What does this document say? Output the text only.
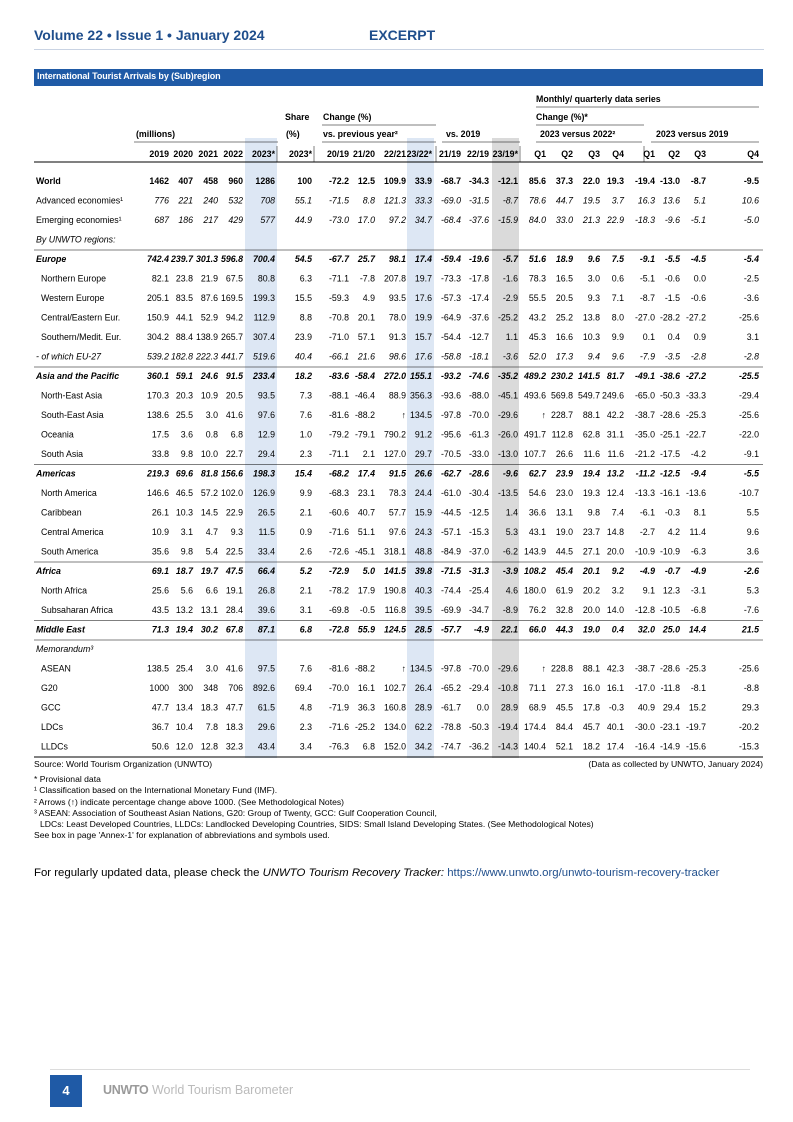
Volume 22 • Issue 1 • January 2024	EXCERPT
International Tourist Arrivals by (Sub)region
Monthly/ quarterly data series
Share Change (%)	Change (%)*
(millions)	(%)	vs. previous year²	vs. 2019	2023 versus 2022²	2023 versus 2019
2019 2020 2021 2022 2023* 2023* 20/19 21/20 22/21 23/22* 21/19 22/19 23/19* Q1 Q2 Q3 Q4 Q1 Q2 Q3	Q4
World	1462 407 458 960 1286	100 -72.2 12.5 109.9 33.9 -68.7 -34.3 -12.1 85.6 37.3 22.0 19.3 -19.4 -13.0 -8.7	-9.5
Advanced economies¹	776 221 240 532 708 55.1 -71.5 8.8 121.3 33.3 -69.0 -31.5 -8.7 78.6 44.7 19.5 3.7 16.3 13.6 5.1	10.6
Emerging economies¹	687 186 217 429 577 44.9 -73.0 17.0 97.2 34.7 -68.4 -37.6 -15.9 84.0 33.0 21.3 22.9 -18.3 -9.6 -5.1	-5.0
By UNWTO regions:
Europe	742.4 239.7 301.3 596.8 700.4 54.5 -67.7 25.7 98.1 17.4 -59.4 -19.6 -5.7 51.6 18.9 9.6 7.5 -9.1 -5.5 -4.5	-5.4
Northern Europe	82.1 23.8 21.9 67.5 80.8	6.3 -71.1 -7.8 207.8 19.7 -73.3 -17.8 -1.6 78.3 16.5 3.0 0.6 -5.1 -0.6 0.0	-2.5
Western Europe	205.1 83.5 87.6 169.5 199.3 15.5 -59.3 4.9 93.5 17.6 -57.3 -17.4 -2.9 55.5 20.5 9.3 7.1 -8.7 -1.5 -0.6	-3.6
Central/Eastern Eur.	150.9 44.1 52.9 94.2 112.9	8.8 -70.8 20.1 78.0 19.9 -64.9 -37.6 -25.2 43.2 25.2 13.8 8.0 -27.0 -28.2 -27.2	-25.6
Southern/Medit. Eur.	304.2 88.4 138.9 265.7 307.4 23.9 -71.0 57.1 91.3 15.7 -54.4 -12.7 1.1 45.3 16.6 10.3 9.9 0.1 0.4 0.9	3.1
- of which EU-27	539.2 182.8 222.3 441.7 519.6 40.4 -66.1 21.6 98.6 17.6 -58.8 -18.1 -3.6 52.0 17.3 9.4 9.6 -7.9 -3.5 -2.8	-2.8
Asia and the Pacific	360.1 59.1 24.6 91.5 233.4 18.2 -83.6 -58.4 272.0 155.1 -93.2 -74.6 -35.2 489.2 230.2 141.5 81.7 -49.1 -38.6 -27.2	-25.5
North-East Asia	170.3 20.3 10.9 20.5 93.5	7.3 -88.1 -46.4 88.9 356.3 -93.6 -88.0 -45.1 493.6 569.8 549.7 249.6 -65.0 -50.3 -33.3	-29.4
South-East Asia	138.6 25.5 3.0 41.6 97.6	7.6 -81.6 -88.2	↑ 134.5 -97.8 -70.0 -29.6	↑ 228.7 88.1 42.2 -38.7 -28.6 -25.3	-25.6
Oceania	17.5 3.6 0.8 6.8 12.9	1.0 -79.2 -79.1 790.2 91.2 -95.6 -61.3 -26.0 491.7 112.8 62.8 31.1 -35.0 -25.1 -22.7	-22.0
South Asia	33.8 9.8 10.0 22.7 29.4	2.3 -71.1 2.1 127.0 29.7 -70.5 -33.0 -13.0 107.7 26.6 11.6 11.6 -21.2 -17.5 -4.2	-9.1
Americas	219.3 69.6 81.8 156.6 198.3 15.4 -68.2 17.4 91.5 26.6 -62.7 -28.6 -9.6 62.7 23.9 19.4 13.2 -11.2 -12.5 -9.4	-5.5
North America	146.6 46.5 57.2 102.0 126.9	9.9 -68.3 23.1 78.3 24.4 -61.0 -30.4 -13.5 54.6 23.0 19.3 12.4 -13.3 -16.1 -13.6	-10.7
Caribbean	26.1 10.3 14.5 22.9 26.5	2.1 -60.6 40.7 57.7 15.9 -44.5 -12.5 1.4 36.6 13.1 9.8 7.4 -6.1 -0.3 8.1	5.5
Central America	10.9 3.1 4.7 9.3 11.5	0.9 -71.6 51.1 97.6 24.3 -57.1 -15.3 5.3 43.1 19.0 23.7 14.8 -2.7 4.2 11.4	9.6
South America	35.6 9.8 5.4 22.5 33.4	2.6 -72.6 -45.1 318.1 48.8 -84.9 -37.0 -6.2 143.9 44.5 27.1 20.0 -10.9 -10.9 -6.3	3.6
Africa	69.1 18.7 19.7 47.5 66.4	5.2 -72.9 5.0 141.5 39.8 -71.5 -31.3 -3.9 108.2 45.4 20.1 9.2 -4.9 -0.7 -4.9	-2.6
North Africa	25.6 5.6 6.6 19.1 26.8	2.1 -78.2 17.9 190.8 40.3 -74.4 -25.4 4.6 180.0 61.9 20.2 3.2 9.1 12.3 -3.1	5.3
Subsaharan Africa	43.5 13.2 13.1 28.4 39.6	3.1 -69.8 -0.5 116.8 39.5 -69.9 -34.7 -8.9 76.2 32.8 20.0 14.0 -12.8 -10.5 -6.8	-7.6
Middle East	71.3 19.4 30.2 67.8 87.1	6.8 -72.8 55.9 124.5 28.5 -57.7 -4.9 22.1 66.0 44.3 19.0 0.4 32.0 25.0 14.4	21.5
Memorandum³
ASEAN	138.5 25.4 3.0 41.6 97.5	7.6 -81.6 -88.2	↑ 134.5 -97.8 -70.0 -29.6	↑ 228.8 88.1 42.3 -38.7 -28.6 -25.3	-25.6
G20	1000 300 348 706 892.6 69.4 -70.0 16.1 102.7 26.4 -65.2 -29.4 -10.8 71.1 27.3 16.0 16.1 -17.0 -11.8 -8.1	-8.8
GCC	47.7 13.4 18.3 47.7 61.5	4.8 -71.9 36.3 160.8 28.9 -61.7 0.0 28.9 68.9 45.5 17.8 -0.3 40.9 29.4 15.2	29.3
LDCs	36.7 10.4 7.8 18.3 29.6	2.3 -71.6 -25.2 134.0 62.2 -78.8 -50.3 -19.4 174.4 84.4 45.7 40.1 -30.0 -23.1 -19.7	-20.2
LLDCs	50.6 12.0 12.8 32.3 43.4	3.4 -76.3 6.8 152.0 34.2 -74.7 -36.2 -14.3 140.4 52.1 18.2 17.4 -16.4 -14.9 -15.6	-15.3
Source: World Tourism Organization (UNWTO)	(Data as collected by UNWTO, January 2024)
* Provisional data
¹ Classification based on the International Monetary Fund (IMF).
² Arrows (↑) indicate percentage change above 1000. (See Methodological Notes)
³ ASEAN: Association of Southeast Asian Nations, G20: Group of Twenty, GCC: Gulf Cooperation Council,
LDCs: Least Developed Countries, LLDCs: Landlocked Developing Countries, SIDS: Small Island Developing States. (See Methodological Notes)
See box in page 'Annex-1' for explanation of abbreviations and symbols used.
For regularly updated data, please check the UNWTO Tourism Recovery Tracker: https://www.unwto.org/unwto-tourism-recovery-tracker
4	UNWTO World Tourism Barometer
